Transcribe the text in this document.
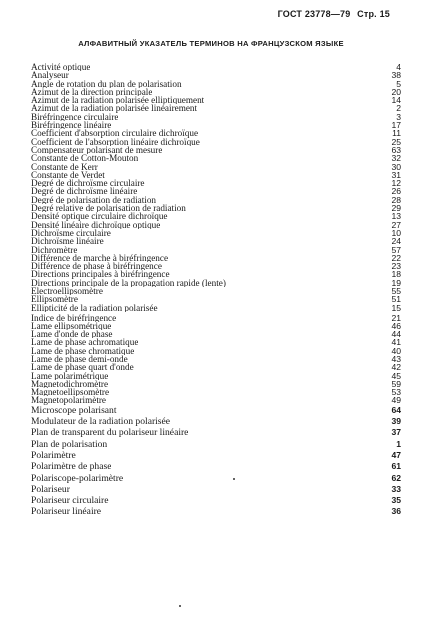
ГОСТ 23778—79 Стр. 15
АЛФАВИТНЫЙ УКАЗАТЕЛЬ ТЕРМИНОВ НА ФРАНЦУЗСКОМ ЯЗЫКЕ
Activité optique	4
Analyseur	38
Angle de rotation du plan de polarisation	5
Azimut de la direction principale	20
Azimut de la radiation polarisée elliptiquement	14
Azimut de la radiation polarisée linéairement	2
Biréfringence circulaire	3
Biréfringence linéaire	17
Coefficient d'absorption circulaire dichroïque	11
Coefficient de l'absorption linéaire dichroïque	25
Compensateur polarisant de mesure	63
Constante de Cotton-Mouton	32
Constante de Kerr	30
Constante de Verdet	31
Degré de dichroïsme circulaire	12
Degré de dichroïsme linéaire	26
Degré de polarisation de radiation	28
Degré relative de polarisation de radiation	29
Densité optique circulaire dichroïque	13
Densité linéaire dichroïque optique	27
Dichroïsme circulaire	10
Dichroïsme linéaire	24
Dichromètre	57
Différence de marche à biréfringence	22
Différence de phase à biréfringence	23
Directions principales à biréfringence	18
Directions principale de la propagation rapide (lente)	19
Electroellipsomètre	55
Ellipsomètre	51
Ellipticité de la radiation polarisée	15
Indice de biréfringence	21
Lame ellipsométrique	46
Lame d'onde de phase	44
Lame de phase achromatique	41
Lame de phase chromatique	40
Lame de phase demi-onde	43
Lame de phase quart d'onde	42
Lame polarimétrique	45
Magnetodichromètre	59
Magnetoellipsomètre	53
Magnetopolarimètre	49
Microscope polarisant	64
Modulateur de la radiation polarisée	39
Plan de transparent du polariseur linéaire	37
Plan de polarisation	1
Polarimètre	47
Polarimètre de phase	61
Polariscope-polarimètre	62
Polariseur	33
Polariseur circulaire	35
Polariseur linéaire	36
